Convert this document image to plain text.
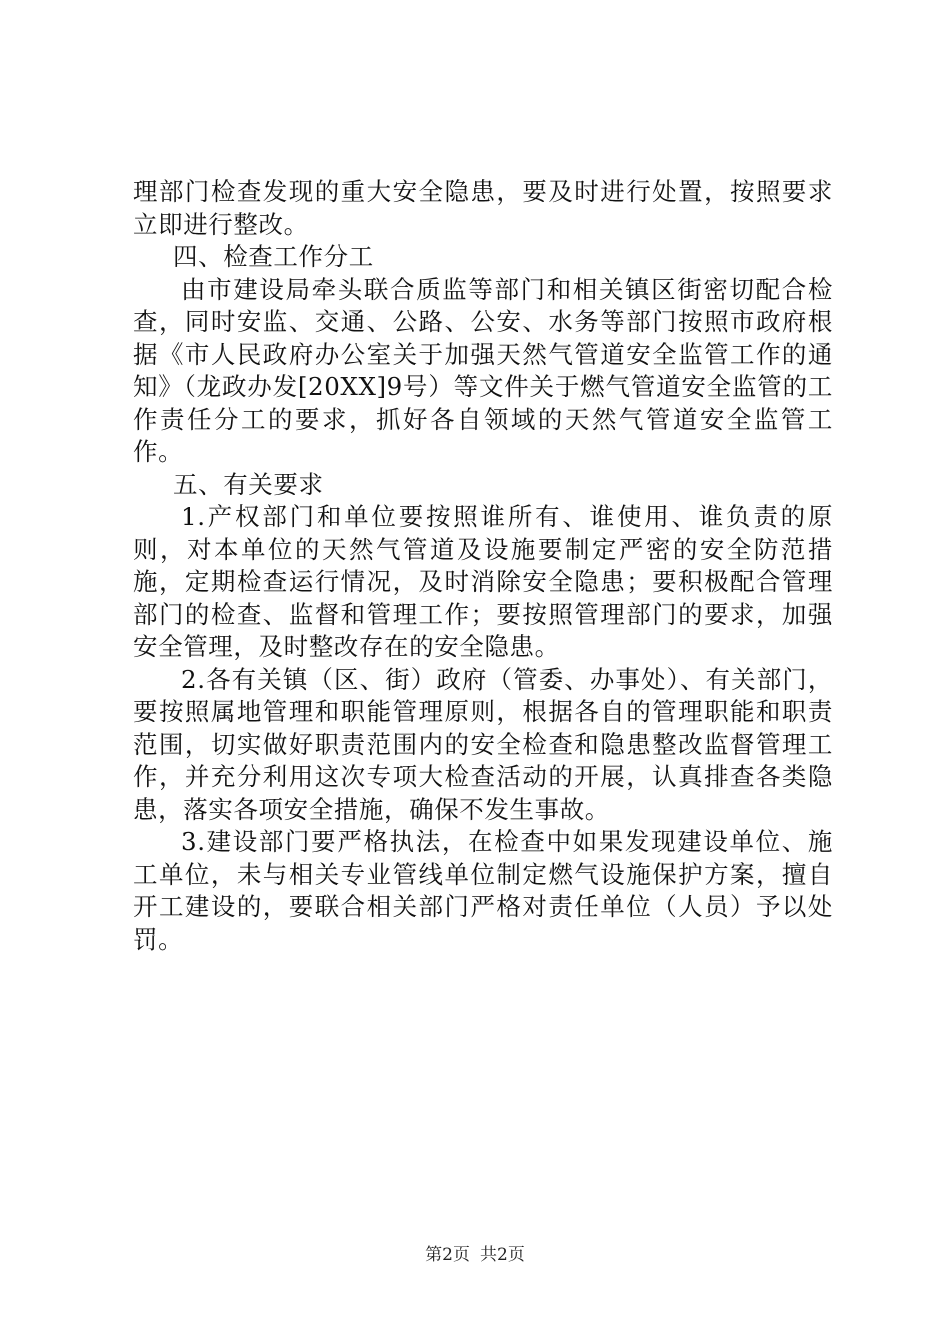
理部门检查发现的重大安全隐患，要及时进行处置，按照要求立即进行整改。

四、检查工作分工

由市建设局牵头联合质监等部门和相关镇区街密切配合检查，同时安监、交通、公路、公安、水务等部门按照市政府根据《市人民政府办公室关于加强天然气管道安全监管工作的通知》（龙政办发[20XX]9号）等文件关于燃气管道安全监管的工作责任分工的要求，抓好各自领域的天然气管道安全监管工作。

五、有关要求

1.产权部门和单位要按照谁所有、谁使用、谁负责的原则，对本单位的天然气管道及设施要制定严密的安全防范措施，定期检查运行情况，及时消除安全隐患；要积极配合管理部门的检查、监督和管理工作；要按照管理部门的要求，加强安全管理，及时整改存在的安全隐患。

2.各有关镇（区、街）政府（管委、办事处）、有关部门，要按照属地管理和职能管理原则，根据各自的管理职能和职责范围，切实做好职责范围内的安全检查和隐患整改监督管理工作，并充分利用这次专项大检查活动的开展，认真排查各类隐患，落实各项安全措施，确保不发生事故。

3.建设部门要严格执法，在检查中如果发现建设单位、施工单位，未与相关专业管线单位制定燃气设施保护方案，擅自开工建设的，要联合相关部门严格对责任单位（人员）予以处罚。

第2页 共2页
